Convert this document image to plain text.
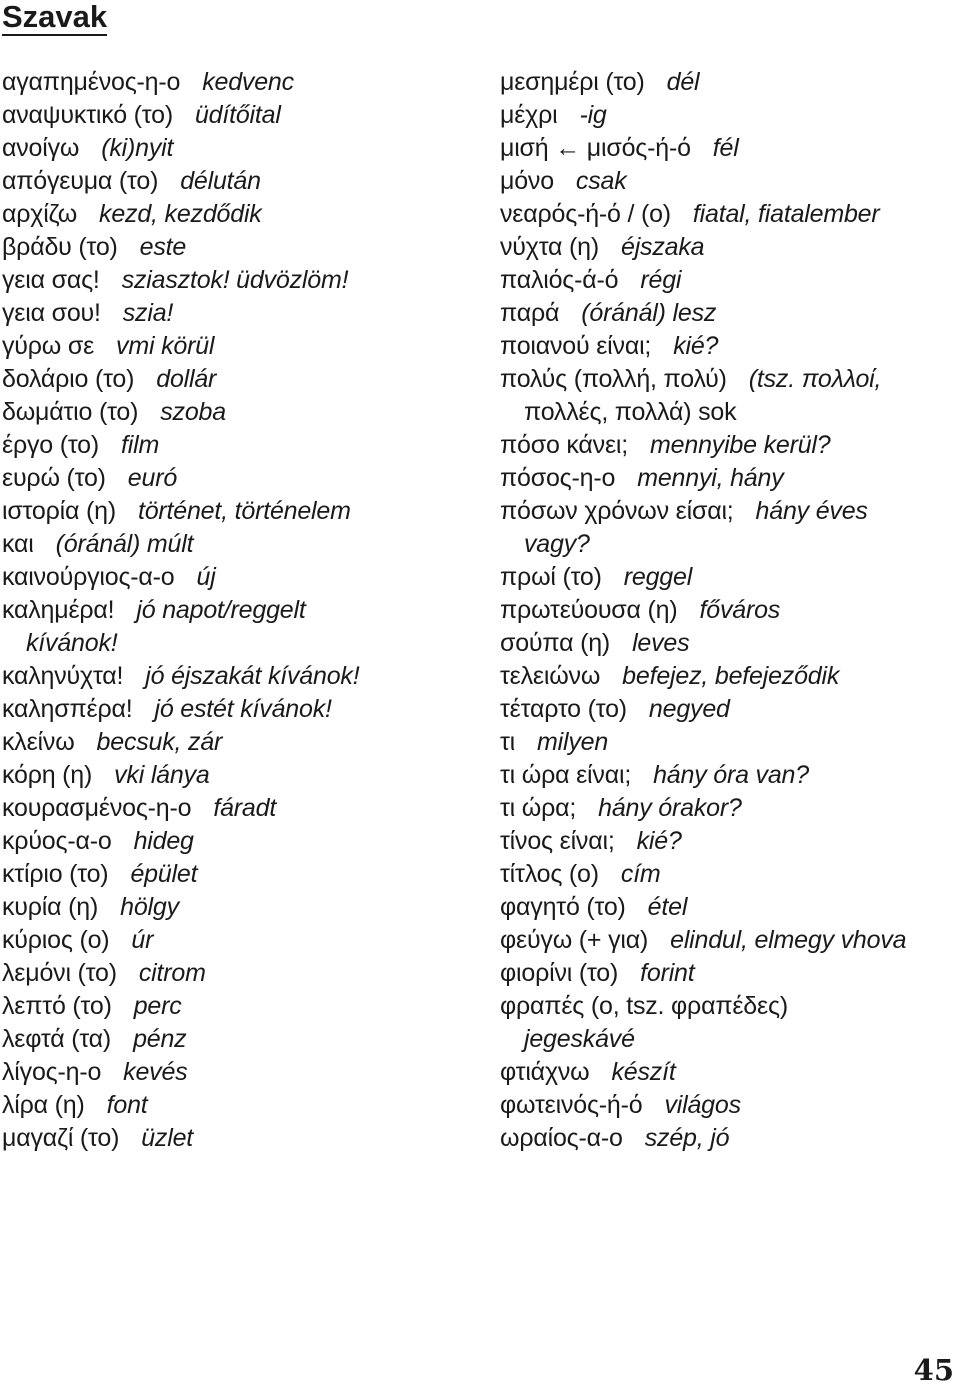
Szavak
αγαπημένος-η-ο kedvenc
αναψυκτικό (το) üdítőital
ανοίγω (ki)nyit
απόγευμα (το) délután
αρχίζω kezd, kezdődik
βράδυ (το) este
γεια σας! sziasztok! üdvözlöm!
γεια σου! szia!
γύρω σε vmi körül
δολάριο (το) dollár
δωμάτιο (το) szoba
έργο (το) film
ευρώ (το) euró
ιστορία (η) történet, történelem
και (óránál) múlt
καινούργιος-α-ο új
καλημέρα! jó napot/reggelt
kívánok!
καληνύχτα! jó éjszakát kívánok!
καλησπέρα! jó estét kívánok!
κλείνω becsuk, zár
κόρη (η) vki lánya
κουρασμένος-η-ο fáradt
κρύος-α-ο hideg
κτίριο (το) épület
κυρία (η) hölgy
κύριος (ο) úr
λεμόνι (το) citrom
λεπτό (το) perc
λεφτά (τα) pénz
λίγος-η-ο kevés
λίρα (η) font
μαγαζί (το) üzlet
μεσημέρι (το) dél
μέχρι -ig
μισή ← μισός-ή-ό fél
μόνο csak
νεαρός-ή-ό / (ο) fiatal, fiatalember
νύχτα (η) éjszaka
παλιός-ά-ό régi
παρά (óránál) lesz
ποιανού είναι; kié?
πολύς (πολλή, πολύ) (tsz. πολλοί,
πολλές, πολλά) sok
πόσο κάνει; mennyibe kerül?
πόσος-η-ο mennyi, hány
πόσων χρόνων είσαι; hány éves
vagy?
πρωί (το) reggel
πρωτεύουσα (η) főváros
σούπα (η) leves
τελειώνω befejez, befejeződik
τέταρτο (το) negyed
τι milyen
τι ώρα είναι; hány óra van?
τι ώρα; hány órakor?
τίνος είναι; kié?
τίτλος (ο) cím
φαγητό (το) étel
φεύγω (+ για) elindul, elmegy vhova
φιορίνι (το) forint
φραπές (ο, tsz. φραπέδες)
jegeskávé
φτιάχνω készít
φωτεινός-ή-ό világos
ωραίος-α-ο szép, jó
45
